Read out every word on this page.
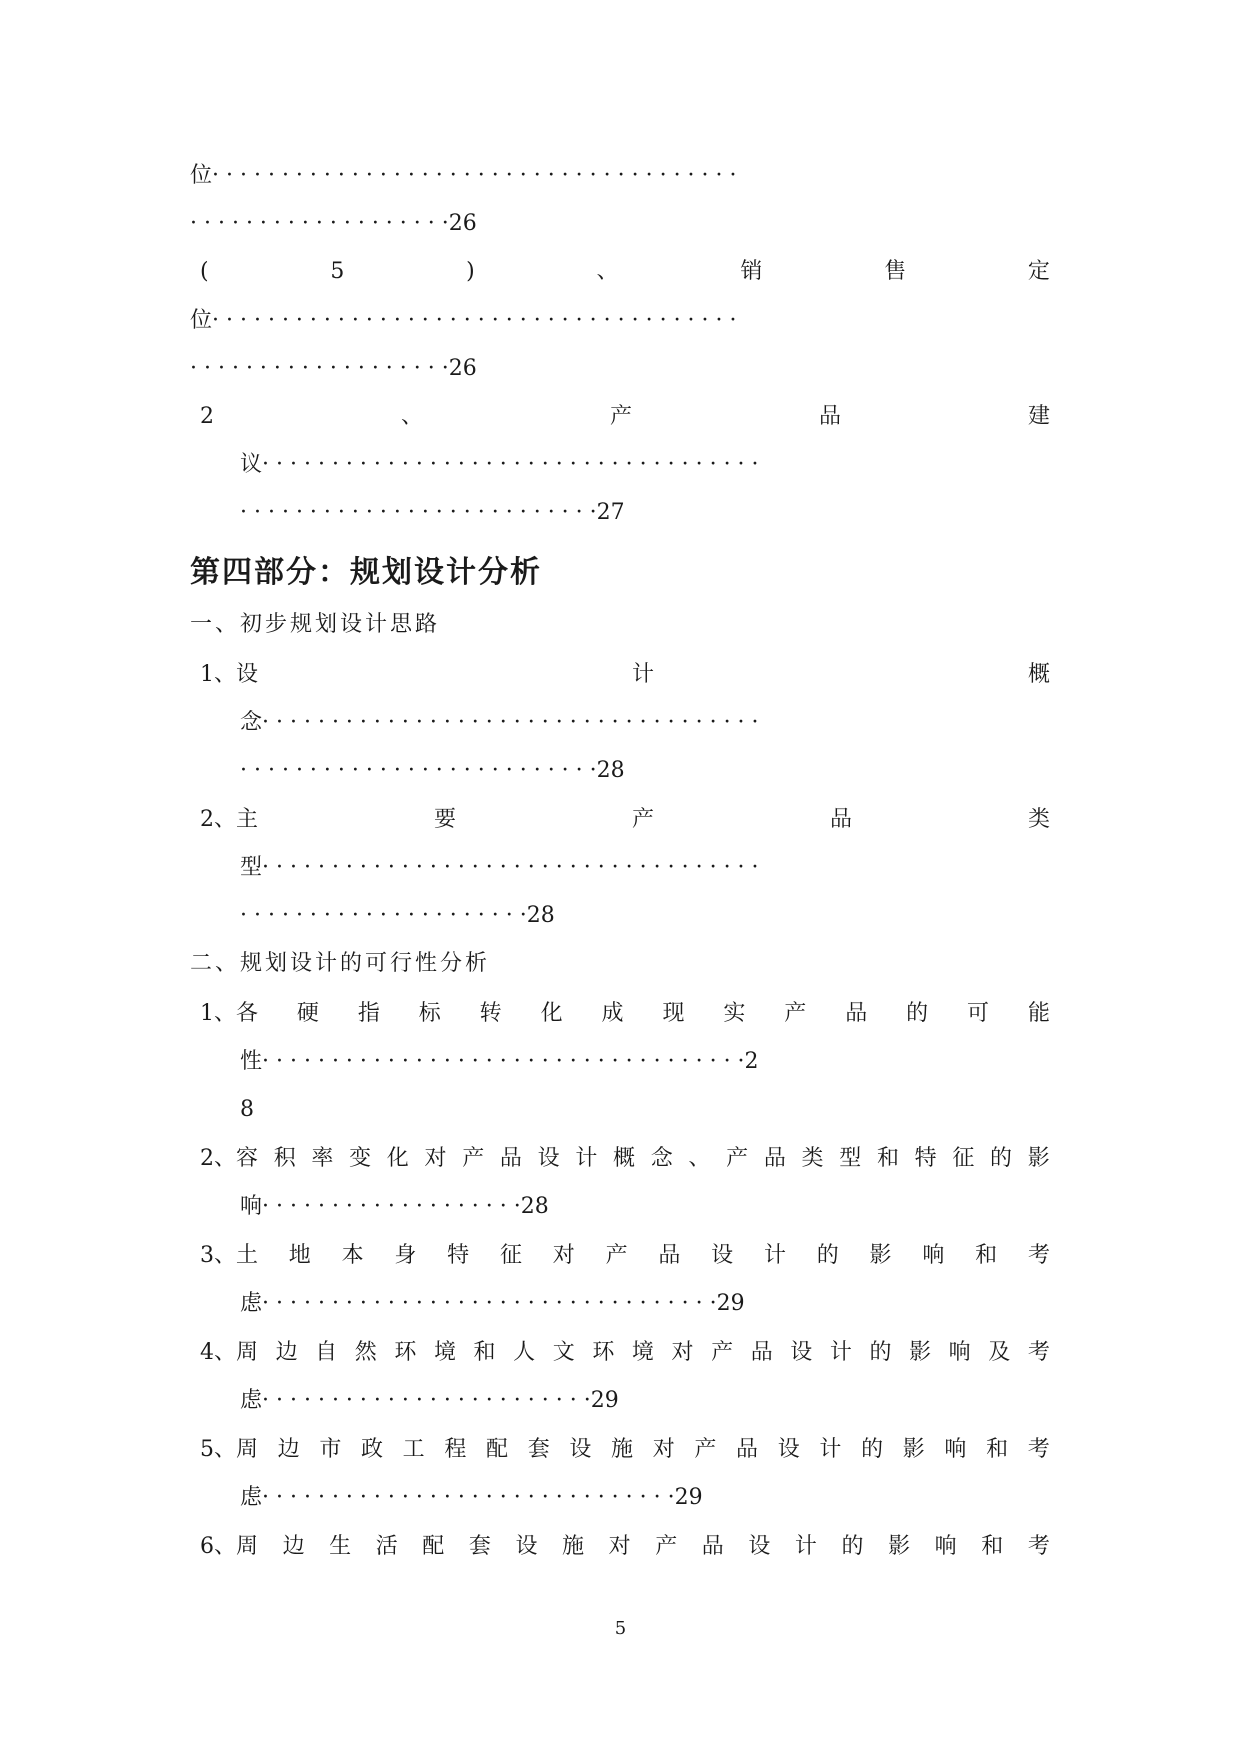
位 · · · · · · · · · · · · · · · · · · · · · · · · · · · · · · · · · · · · · ·
· · · · · · · · · · · · · · · · · · · 26
(	5	)	、	销	售	定
位 · · · · · · · · · · · · · · · · · · · · · · · · · · · · · · · · · · · · · ·
· · · · · · · · · · · · · · · · · · · 26
2	、	产	品	建
议 · · · · · · · · · · · · · · · · · · · · · · · · · · · · · · · · · · · ·
· · · · · · · · · · · · · · · · · · · · · · · · · · 27
第四部分：规划设计分析
一、初步规划设计思路
1、设	计	概
念 · · · · · · · · · · · · · · · · · · · · · · · · · · · · · · · · · · · ·
· · · · · · · · · · · · · · · · · · · · · · · · · · 28
2、主	要	产	品	类
型 · · · · · · · · · · · · · · · · · · · · · · · · · · · · · · · · · · · ·
· · · · · · · · · · · · · · · · · · · · · 28
二、规划设计的可行性分析
1、各 硬 指 标 转 化 成 现 实 产 品 的 可 能
性 · · · · · · · · · · · · · · · · · · · · · · · · · · · · · · · · · · · 2
8
2、容 积 率 变 化 对 产 品 设 计 概 念 、 产 品 类 型 和 特 征 的 影
响 · · · · · · · · · · · · · · · · · · · 28
3、土 地 本 身 特 征 对 产 品 设 计 的 影 响 和 考
虑 · · · · · · · · · · · · · · · · · · · · · · · · · · · · · · · · · 29
4、周 边 自 然 环 境 和 人 文 环 境 对 产 品 设 计 的 影 响 及 考
虑 · · · · · · · · · · · · · · · · · · · · · · · · 29
5、周 边 市 政 工 程 配 套 设 施 对 产 品 设 计 的 影 响 和 考
虑 · · · · · · · · · · · · · · · · · · · · · · · · · · · · · · 29
6、周 边 生 活 配 套 设 施 对 产 品 设 计 的 影 响 和 考
5
